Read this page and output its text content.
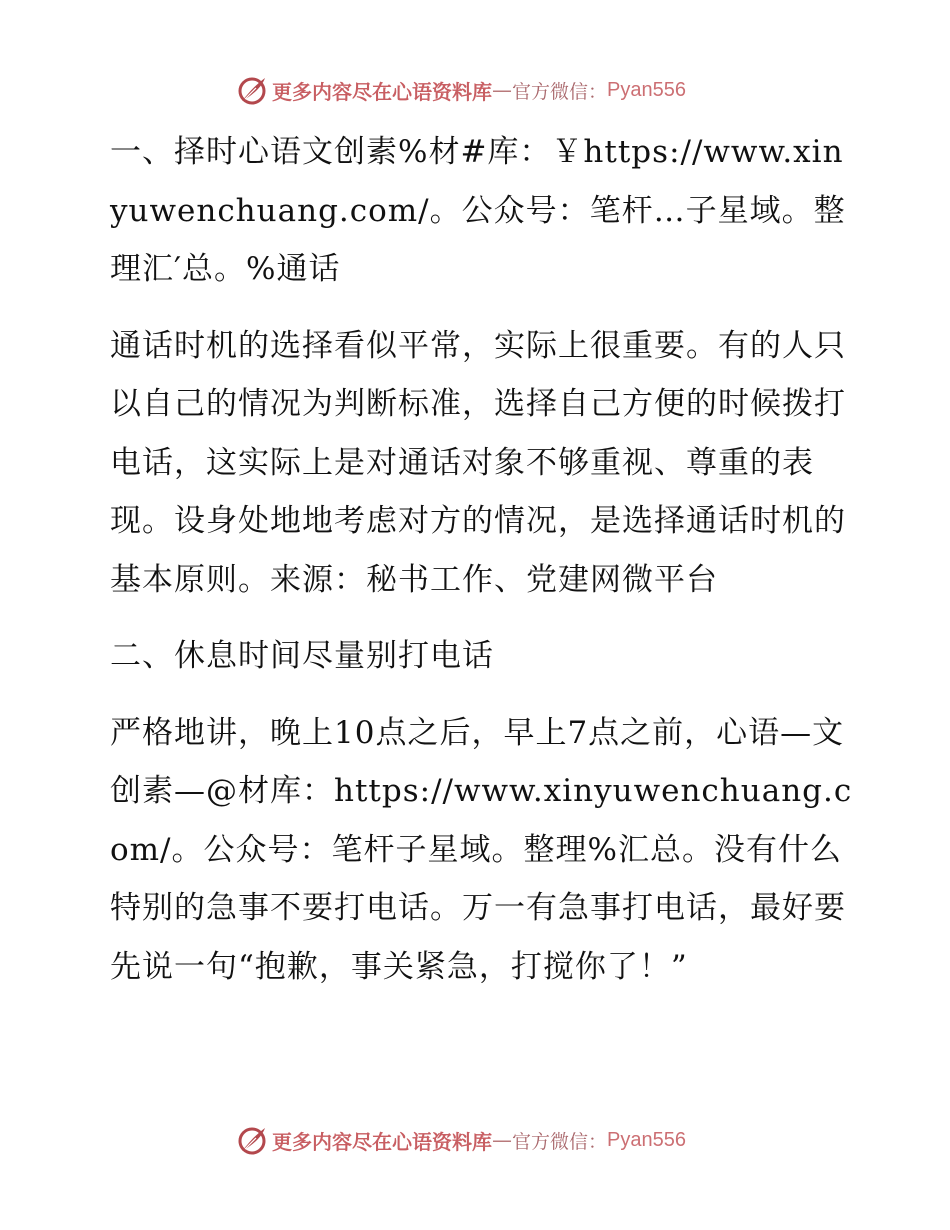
更多内容尽在心语资料库 — 官方微信： Pyan556

一、择时心语文创素%材#库：￥https://www.xinyuwenchuang.com/。公众号：笔杆…子星域。整理汇′总。%通话

通话时机的选择看似平常，实际上很重要。有的人只以自己的情况为判断标准，选择自己方便的时候拨打电话，这实际上是对通话对象不够重视、尊重的表现。设身处地地考虑对方的情况，是选择通话时机的基本原则。来源：秘书工作、党建网微平台

二、休息时间尽量别打电话

严格地讲，晚上10点之后，早上7点之前，心语—文创素—@材库：https://www.xinyuwenchuang.com/。公众号：笔杆子星域。整理%汇总。没有什么特别的急事不要打电话。万一有急事打电话，最好要先说一句“抱歉，事关紧急，打搅你了！”

更多内容尽在心语资料库 — 官方微信： Pyan556
